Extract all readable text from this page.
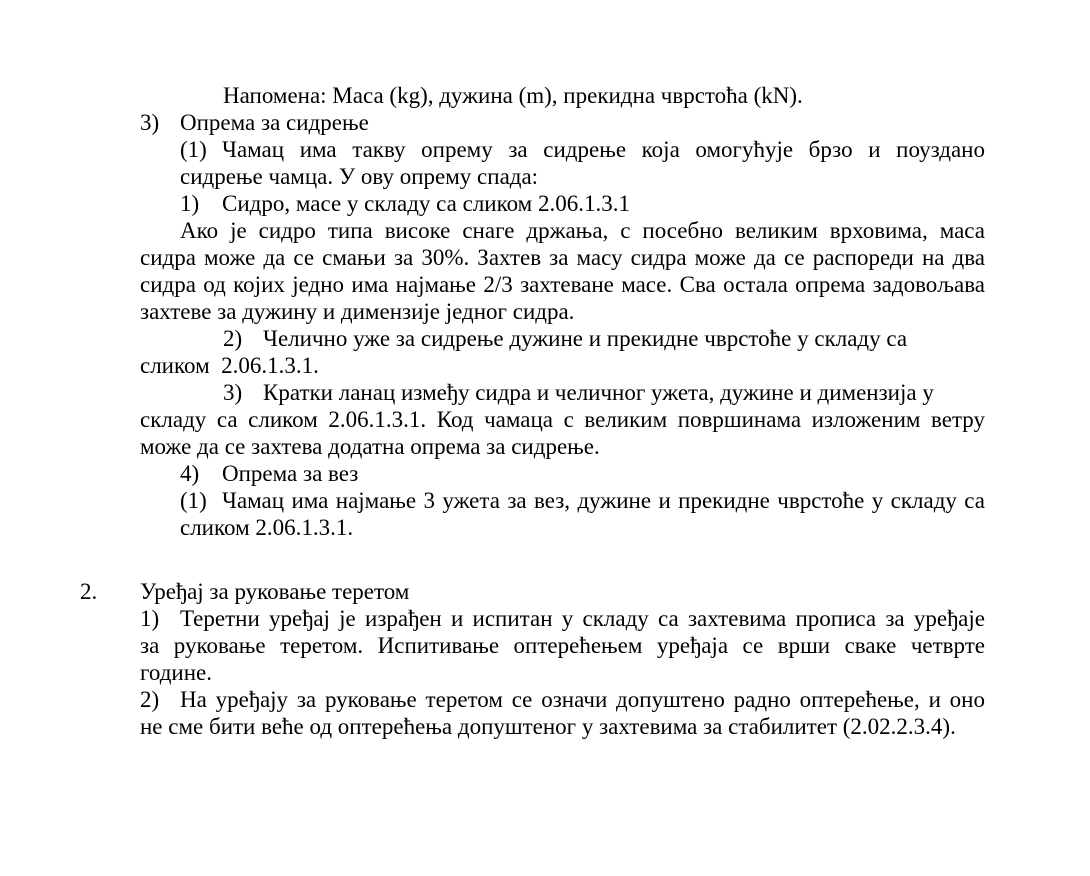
Напомена: Маса (kg), дужина (m), прекидна чврстоћа (kN).
3) Опрема за сидрење
(1) Чамац има такву опрему за сидрење која омогућује брзо и поуздано
сидрење чамца. У ову опрему спада:
1) Сидро, масе у складу са сликом 2.06.1.3.1
Ако је сидро типа високе снаге држања, с посебно великим врховима, маса
сидра може да се смањи за 30%. Захтев за масу сидра може да се распореди на два
сидра од којих једно има најмање 2/3 захтеване масе. Сва остала опрема задовољава
захтеве за дужину и димензије једног сидра.
2) Челично уже за сидрење дужине и прекидне чврстоће у складу са
сликом  2.06.1.3.1.
3) Кратки ланац између сидра и челичног ужета, дужине и димензија у
складу са сликом 2.06.1.3.1. Код чамаца с великим површинама изложеним ветру
може да се захтева додатна опрема за сидрење.
4) Опрема за вез
(1) Чамац има најмање 3 ужета за вез, дужине и прекидне чврстоће у складу са
сликом 2.06.1.3.1.
2. Уређај за руковање теретом
1) Теретни уређај је израђен и испитан у складу са захтевима прописа за уређаје
за руковање теретом. Испитивање оптерећењем уређаја се врши сваке четврте
године.
2) На уређају за руковање теретом се означи допуштено радно оптерећење, и оно
не сме бити веће од оптерећења допуштеног у захтевима за стабилитет (2.02.2.3.4).
